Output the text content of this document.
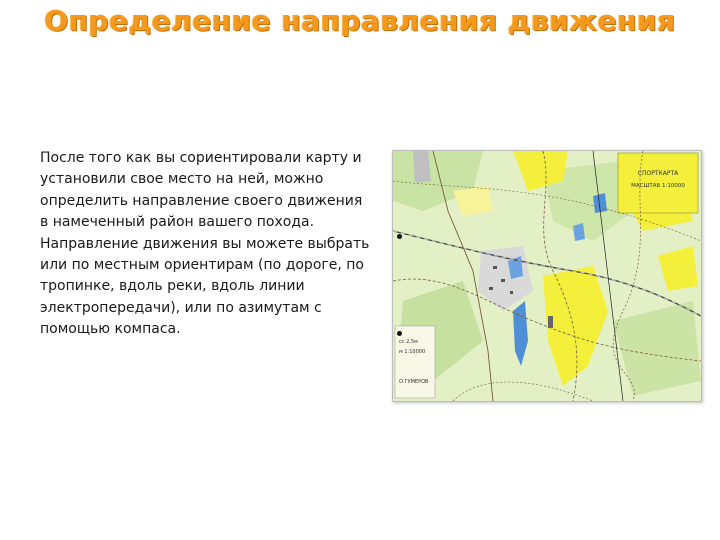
Определение направления движения

После того как вы сориентировали карту и установили свое место на ней, можно определить направление своего движения в намеченный район вашего похода. Направление движения вы можете выбрать или по местным ориентирам (по дороге, по тропинке, вдоль реки, вдоль линии электропередачи), или по азимутам с помощью компаса.

СПОРТКАРТА
МАСШТАБ 1:10000
сс 2,5м
м 1:10000
О.ГУМЕРОВ
